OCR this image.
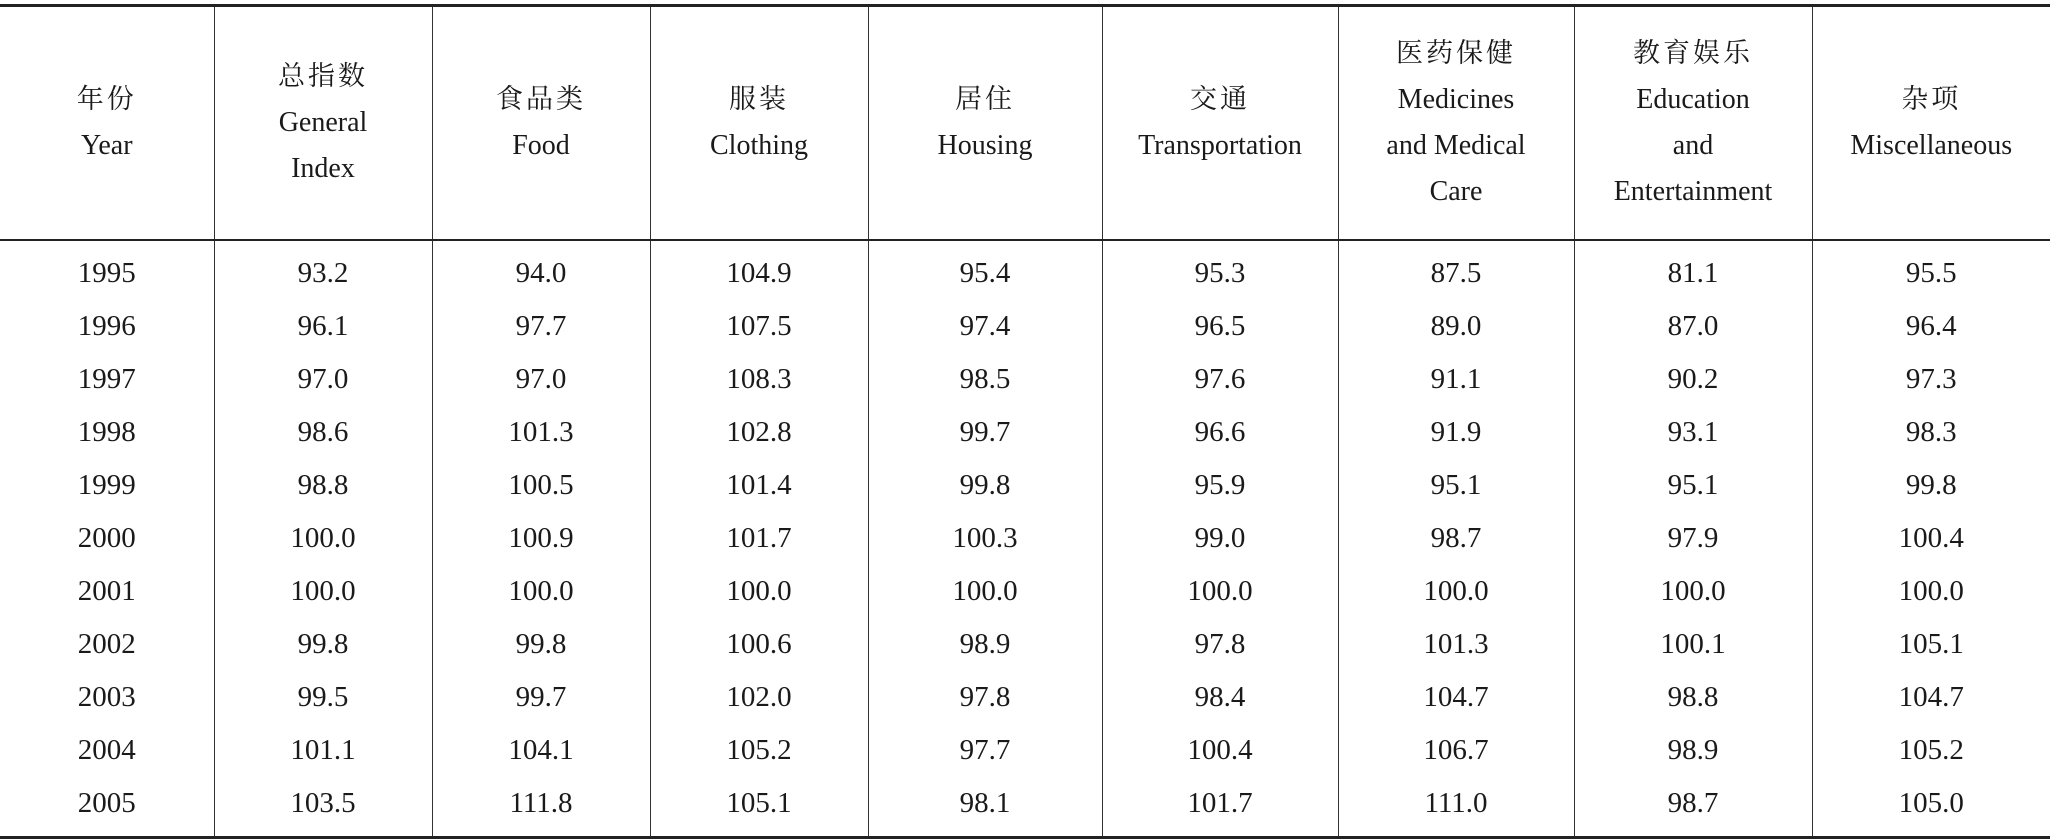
年份
Year	总指数
General
Index	食品类
Food	服装
Clothing	居住
Housing	交通
Transportation	医药保健
Medicines
and Medical
Care	教育娱乐
Education
and
Entertainment	杂项
Miscellaneous

1995	93.2	94.0	104.9	95.4	95.3	87.5	81.1	95.5
1996	96.1	97.7	107.5	97.4	96.5	89.0	87.0	96.4
1997	97.0	97.0	108.3	98.5	97.6	91.1	90.2	97.3
1998	98.6	101.3	102.8	99.7	96.6	91.9	93.1	98.3
1999	98.8	100.5	101.4	99.8	95.9	95.1	95.1	99.8
2000	100.0	100.9	101.7	100.3	99.0	98.7	97.9	100.4
2001	100.0	100.0	100.0	100.0	100.0	100.0	100.0	100.0
2002	99.8	99.8	100.6	98.9	97.8	101.3	100.1	105.1
2003	99.5	99.7	102.0	97.8	98.4	104.7	98.8	104.7
2004	101.1	104.1	105.2	97.7	100.4	106.7	98.9	105.2
2005	103.5	111.8	105.1	98.1	101.7	111.0	98.7	105.0
